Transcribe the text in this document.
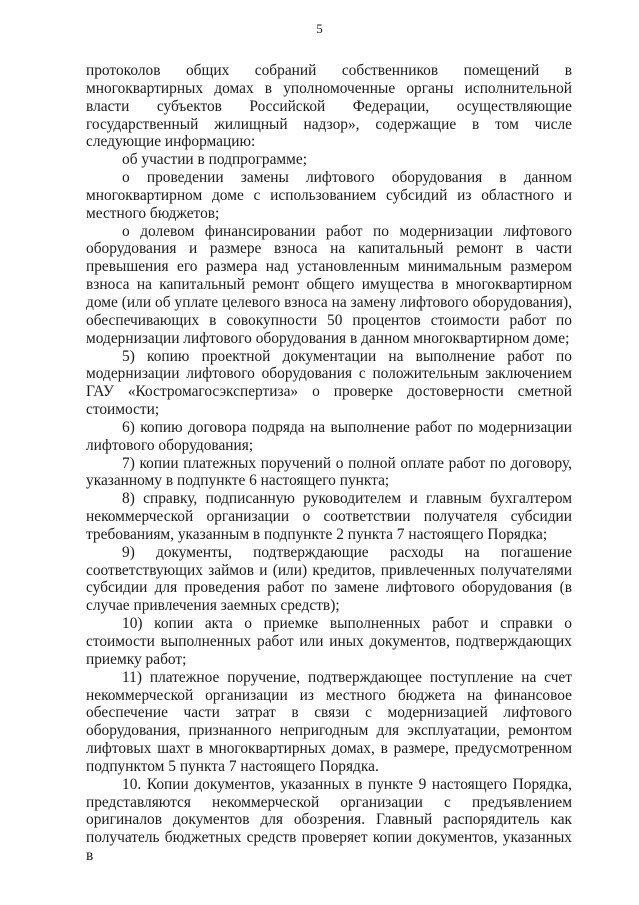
5

протоколов общих собраний собственников помещений в многоквартирных домах в уполномоченные органы исполнительной власти субъектов Российской Федерации, осуществляющие государственный жилищный надзор», содержащие в том числе следующие информацию:

об участии в подпрограмме;

о проведении замены лифтового оборудования в данном многоквартирном доме с использованием субсидий из областного и местного бюджетов;

о долевом финансировании работ по модернизации лифтового оборудования и размере взноса на капитальный ремонт в части превышения его размера над установленным минимальным размером взноса на капитальный ремонт общего имущества в многоквартирном доме (или об уплате целевого взноса на замену лифтового оборудования), обеспечивающих в совокупности 50 процентов стоимости работ по модернизации лифтового оборудования в данном многоквартирном доме;

5) копию проектной документации на выполнение работ по модернизации лифтового оборудования с положительным заключением ГАУ «Костромагосэкспертиза» о проверке достоверности сметной стоимости;

6) копию договора подряда на выполнение работ по модернизации лифтового оборудования;

7) копии платежных поручений о полной оплате работ по договору, указанному в подпункте 6 настоящего пункта;

8) справку, подписанную руководителем и главным бухгалтером некоммерческой организации о соответствии получателя субсидии требованиям, указанным в подпункте 2 пункта 7 настоящего Порядка;

9) документы, подтверждающие расходы на погашение соответствующих займов и (или) кредитов, привлеченных получателями субсидии для проведения работ по замене лифтового оборудования (в случае привлечения заемных средств);

10) копии акта о приемке выполненных работ и справки о стоимости выполненных работ или иных документов, подтверждающих приемку работ;

11) платежное поручение, подтверждающее поступление на счет некоммерческой организации из местного бюджета на финансовое обеспечение части затрат в связи с модернизацией лифтового оборудования, признанного непригодным для эксплуатации, ремонтом лифтовых шахт в многоквартирных домах, в размере, предусмотренном подпунктом 5 пункта 7 настоящего Порядка.

10. Копии документов, указанных в пункте 9 настоящего Порядка, представляются некоммерческой организации с предъявлением оригиналов документов для обозрения. Главный распорядитель как получатель бюджетных средств проверяет копии документов, указанных в
